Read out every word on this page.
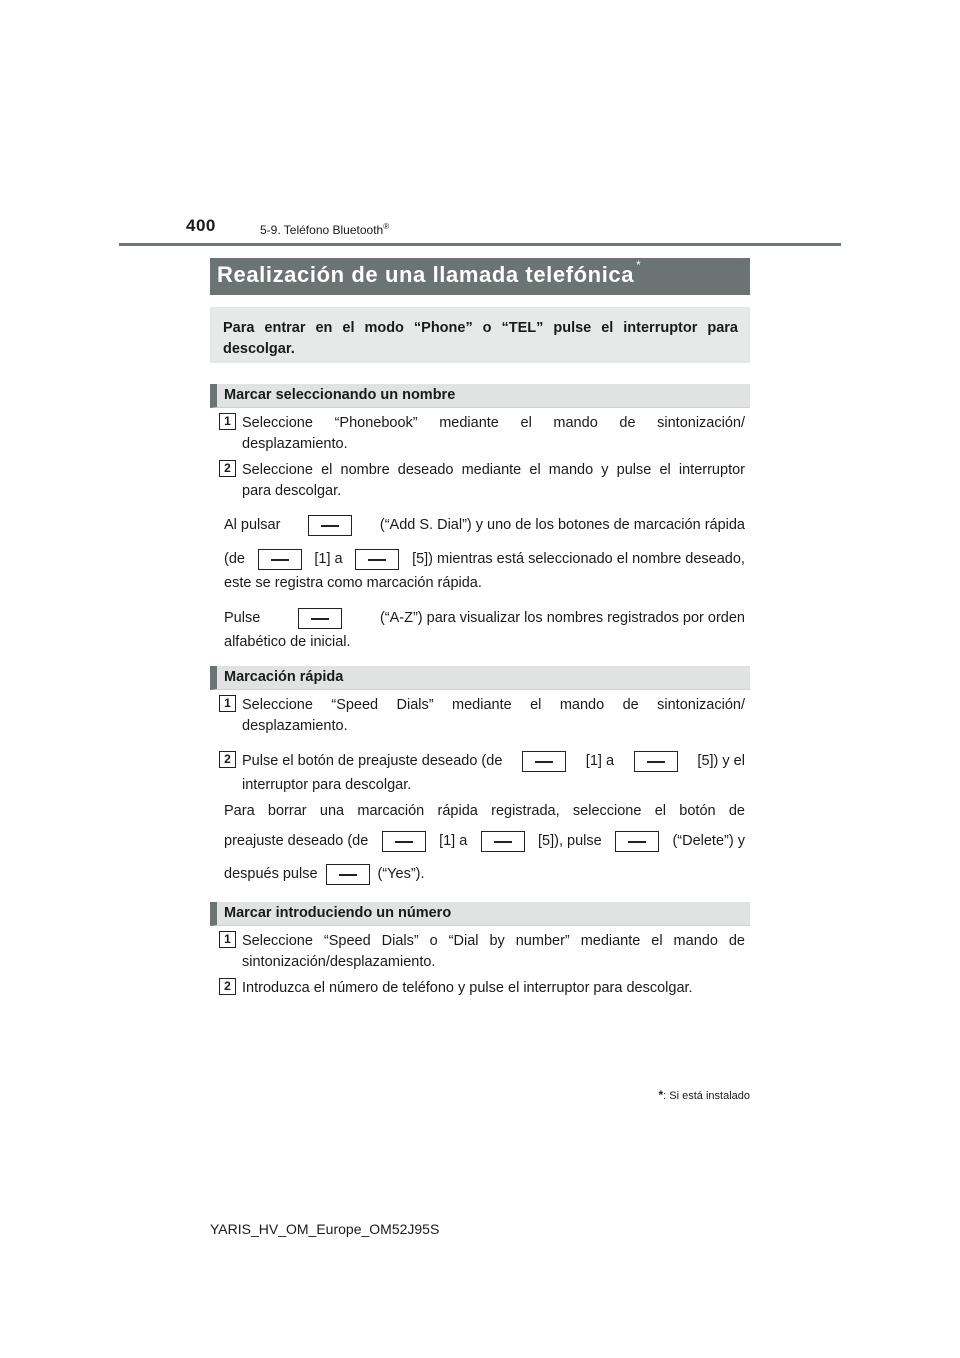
400	5-9. Teléfono Bluetooth®
Realización de una llamada telefónica *
Para entrar en el modo “Phone” o “TEL” pulse el interruptor para descolgar.
Marcar seleccionando un nombre
1 Seleccione “Phonebook” mediante el mando de sintonización/
desplazamiento.
2 Seleccione el nombre deseado mediante el mando y pulse el interruptor
para descolgar.
Al pulsar	(“Add S. Dial”) y uno de los botones de marcación rápida
(de	[1] a	[5]) mientras está seleccionado el nombre deseado,
este se registra como marcación rápida.
Pulse	(“A-Z”) para visualizar los nombres registrados por orden
alfabético de inicial.
Marcación rápida
1 Seleccione “Speed Dials” mediante el mando de sintonización/
desplazamiento.
2 Pulse el botón de preajuste deseado (de	[1] a	[5]) y el
interruptor para descolgar.
Para borrar una marcación rápida registrada, seleccione el botón de
preajuste deseado (de	[1] a	[5]), pulse	(“Delete”) y
después pulse	(“Yes”).
Marcar introduciendo un número
1 Seleccione “Speed Dials” o “Dial by number” mediante el mando de
sintonización/desplazamiento.
2 Introduzca el número de teléfono y pulse el interruptor para descolgar.
*: Si está instalado
YARIS_HV_OM_Europe_OM52J95S
